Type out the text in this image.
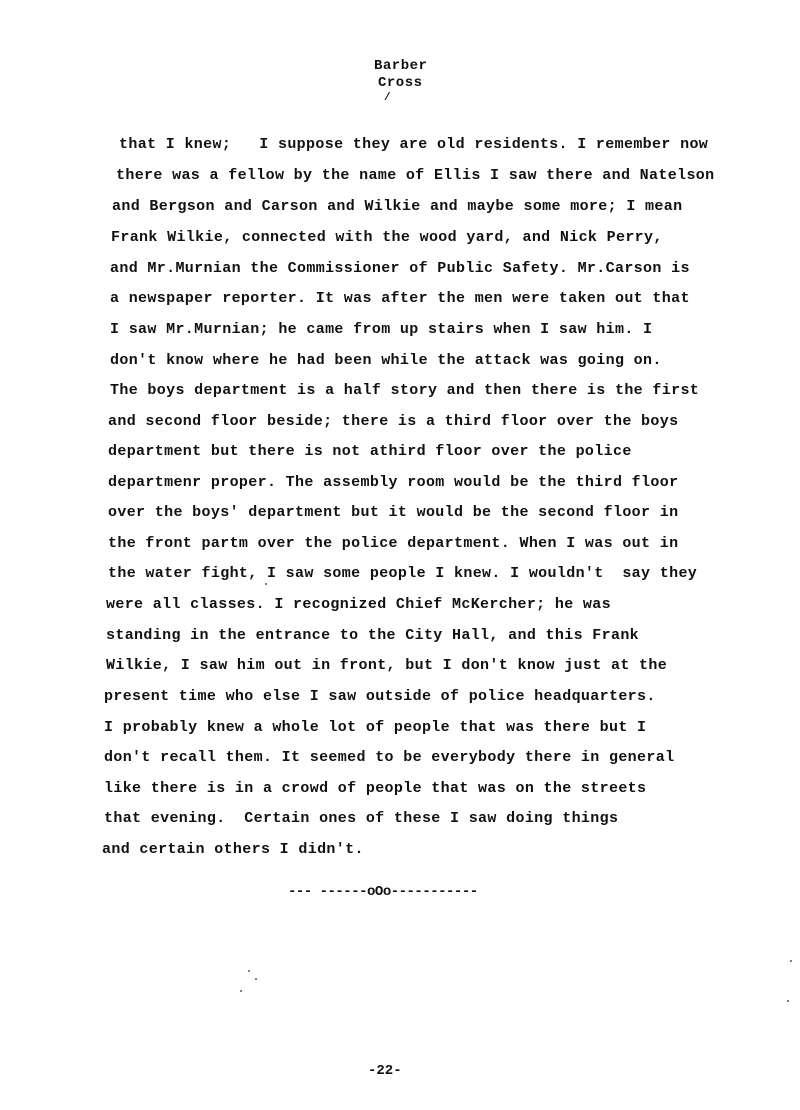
Barber
Cross
/
that I knew;   I suppose they are old residents. I remember now
there was a fellow by the name of Ellis I saw there and Natelson
and Bergson and Carson and Wilkie and maybe some more; I mean
Frank Wilkie, connected with the wood yard, and Nick Perry,
and Mr.Murnian the Commissioner of Public Safety. Mr.Carson is
a newspaper reporter. It was after the men were taken out that
I saw Mr.Murnian; he came from up stairs when I saw him. I
don't know where he had been while the attack was going on.
The boys department is a half story and then there is the first
and second floor beside; there is a third floor over the boys
department but there is not athird floor over the police
departmenr proper. The assembly room would be the third floor
over the boys' department but it would be the second floor in
the front partm over the police department. When I was out in
the water fight, I saw some people I knew. I wouldn't  say they
were all classes. I recognized Chief McKercher; he was
standing in the entrance to the City Hall, and this Frank
Wilkie, I saw him out in front, but I don't know just at the
present time who else I saw outside of police headquarters.
I probably knew a whole lot of people that was there but I
don't recall them. It seemed to be everybody there in general
like there is in a crowd of people that was on the streets
that evening.  Certain ones of these I saw doing things
and certain others I didn't.
--- ------oOo-----------
-22-
